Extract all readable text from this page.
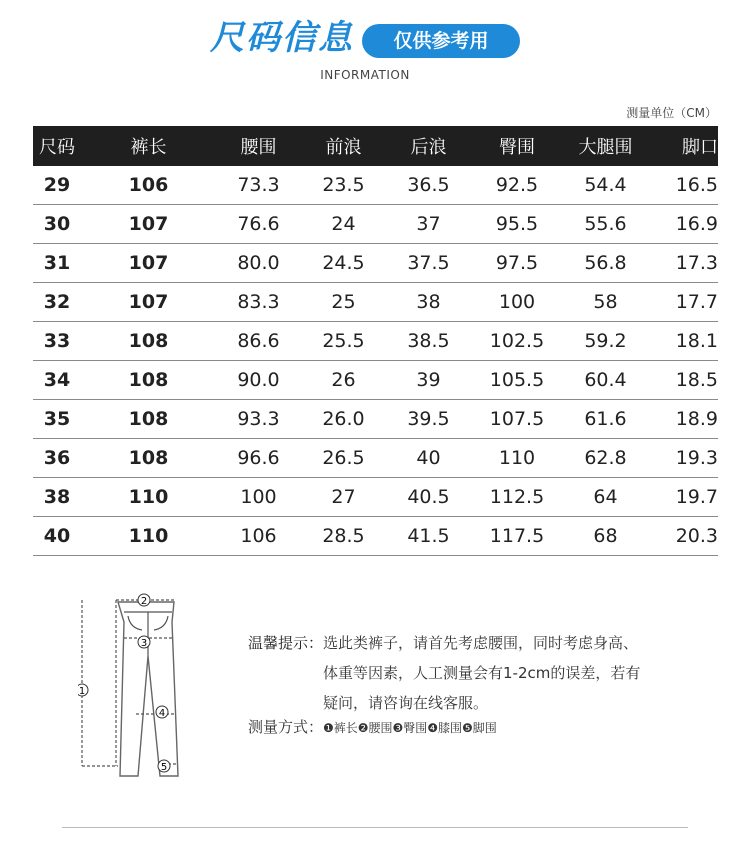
尺码信息	仅供参考用
INFORMATION
测量单位（CM）
尺码	裤长	腰围	前浪	后浪	臀围	大腿围	脚口
29	106	73.3	23.5	36.5	92.5	54.4	16.5
30	107	76.6	24	37	95.5	55.6	16.9
31	107	80.0	24.5	37.5	97.5	56.8	17.3
32	107	83.3	25	38	100	58	17.7
33	108	86.6	25.5	38.5	102.5	59.2	18.1
34	108	90.0	26	39	105.5	60.4	18.5
35	108	93.3	26.0	39.5	107.5	61.6	18.9
36	108	96.6	26.5	40	110	62.8	19.3
38	110	100	27	40.5	112.5	64	19.7
40	110	106	28.5	41.5	117.5	68	20.3
1
2
3
4
5
温馨提示：选此类裤子，请首先考虑腰围，同时考虑身高、
体重等因素，人工测量会有1-2cm的误差，若有
疑问，请咨询在线客服。
测量方式：❶裤长❷腰围❸臀围❹膝围❺脚围
